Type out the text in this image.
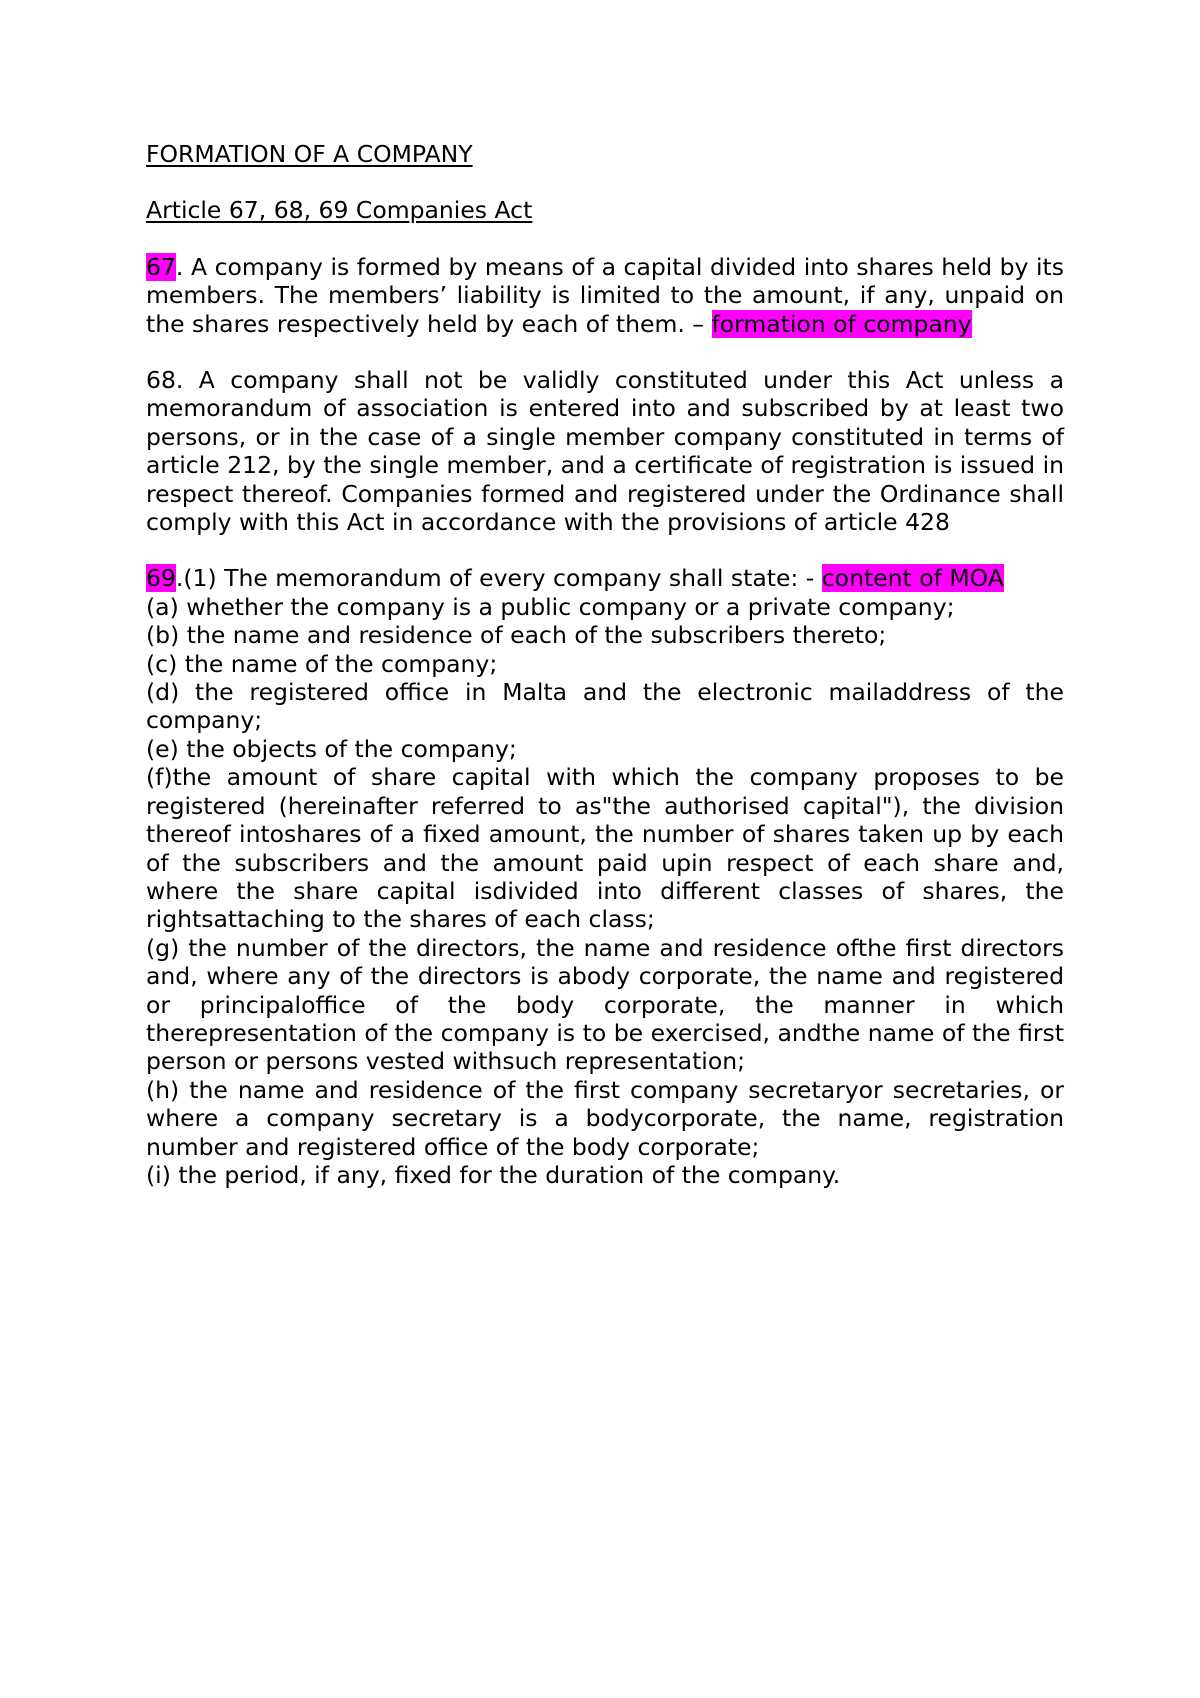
FORMATION OF A COMPANY
Article 67, 68, 69 Companies Act

67. A company is formed by means of a capital divided into shares held by its members. The members’ liability is limited to the amount, if any, unpaid on the shares respectively held by each of them. – formation of company

68. A company shall not be validly constituted under this Act unless a memorandum of association is entered into and subscribed by at least two persons, or in the case of a single member company constituted in terms of article 212, by the single member, and a certificate of registration is issued in respect thereof. Companies formed and registered under the Ordinance shall comply with this Act in accordance with the provisions of article 428

69.(1) The memorandum of every company shall state: - content of MOA

(a) whether the company is a public company or a private company;

(b) the name and residence of each of the subscribers thereto;

(c) the name of the company;

(d) the registered office in Malta and the electronic mailaddress of the company;

(e) the objects of the company;

(f)the amount of share capital with which the company proposes to be registered (hereinafter referred to as"the authorised capital"), the division thereof intoshares of a fixed amount, the number of shares taken up by each of the subscribers and the amount paid upin respect of each share and, where the share capital isdivided into different classes of shares, the rightsattaching to the shares of each class;

(g) the number of the directors, the name and residence ofthe first directors and, where any of the directors is abody corporate, the name and registered or principaloffice of the body corporate, the manner in which therepresentation of the company is to be exercised, andthe name of the first person or persons vested withsuch representation;

(h) the name and residence of the first company secretaryor secretaries, or where a company secretary is a bodycorporate, the name, registration number and registered office of the body corporate;

(i) the period, if any, fixed for the duration of the company.
